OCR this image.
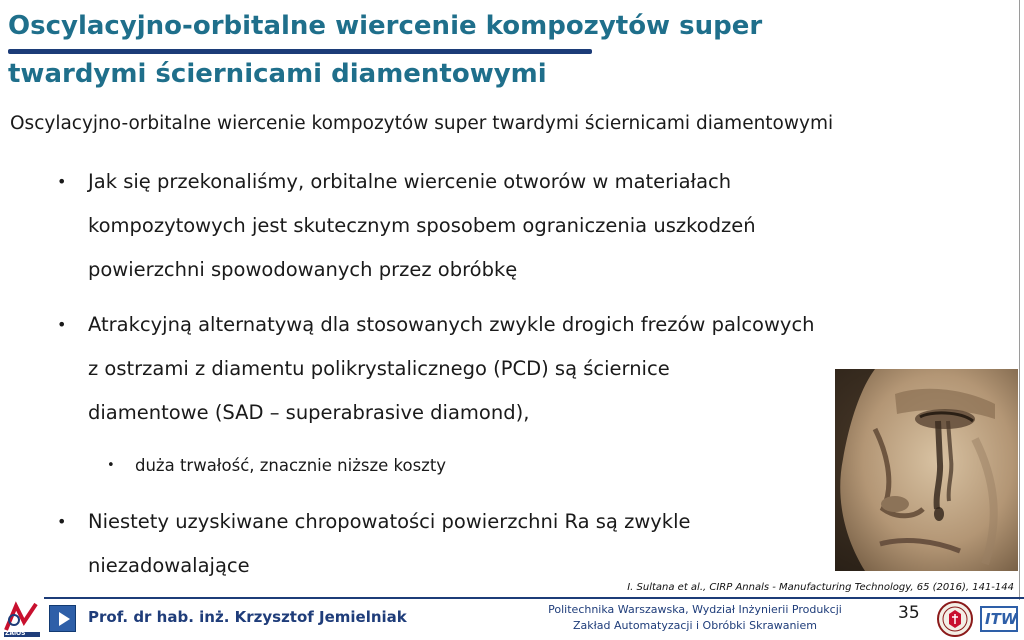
Oscylacyjno-orbitalne wiercenie kompozytów super
twardymi ściernicami diamentowymi
Oscylacyjno-orbitalne wiercenie kompozytów super twardymi ściernicami diamentowymi
• Jak się przekonaliśmy, orbitalne wiercenie otworów w materiałach
kompozytowych jest skutecznym sposobem ograniczenia uszkodzeń
powierzchni spowodowanych przez obróbkę
• Atrakcyjną alternatywą dla stosowanych zwykle drogich frezów palcowych
z ostrzami z diamentu polikrystalicznego (PCD) są ściernice
diamentowe (SAD – superabrasive diamond),
• duża trwałość, znacznie niższe koszty
• Niestety uzyskiwane chropowatości powierzchni Ra są zwykle
niezadowalające
I. Sultana et al., CIRP Annals - Manufacturing Technology, 65 (2016), 141-144
ZAiOS
Prof. dr hab. inż. Krzysztof Jemielniak	Politechnika Warszawska, Wydział Inżynierii Produkcji
Zakład Automatyzacji i Obróbki Skrawaniem
35	ITW
